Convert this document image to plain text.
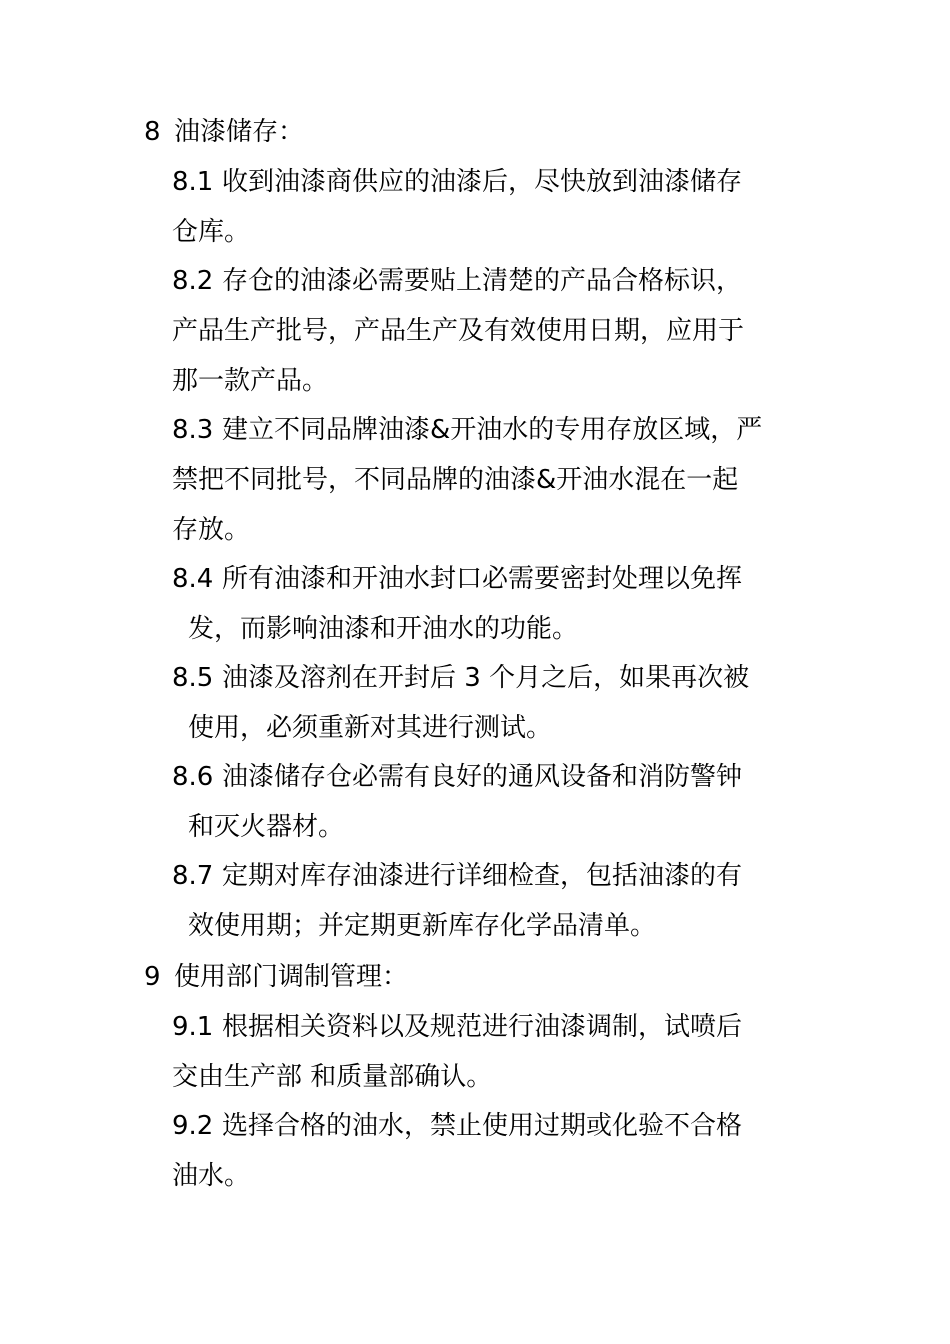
8 油漆储存：
8.1 收到油漆商供应的油漆后，尽快放到油漆储存
仓库。
8.2 存仓的油漆必需要贴上清楚的产品合格标识，
产品生产批号，产品生产及有效使用日期，应用于
那一款产品。
8.3 建立不同品牌油漆&开油水的专用存放区域，严
禁把不同批号，不同品牌的油漆&开油水混在一起
存放。
8.4 所有油漆和开油水封口必需要密封处理以免挥
发，而影响油漆和开油水的功能。
8.5 油漆及溶剂在开封后 3 个月之后，如果再次被
使用，必须重新对其进行测试。
8.6 油漆储存仓必需有良好的通风设备和消防警钟
和灭火器材。
8.7 定期对库存油漆进行详细检查，包括油漆的有
效使用期；并定期更新库存化学品清单。
9 使用部门调制管理：
9.1 根据相关资料以及规范进行油漆调制，试喷后
交由生产部 和质量部确认。
9.2 选择合格的油水，禁止使用过期或化验不合格
油水。
